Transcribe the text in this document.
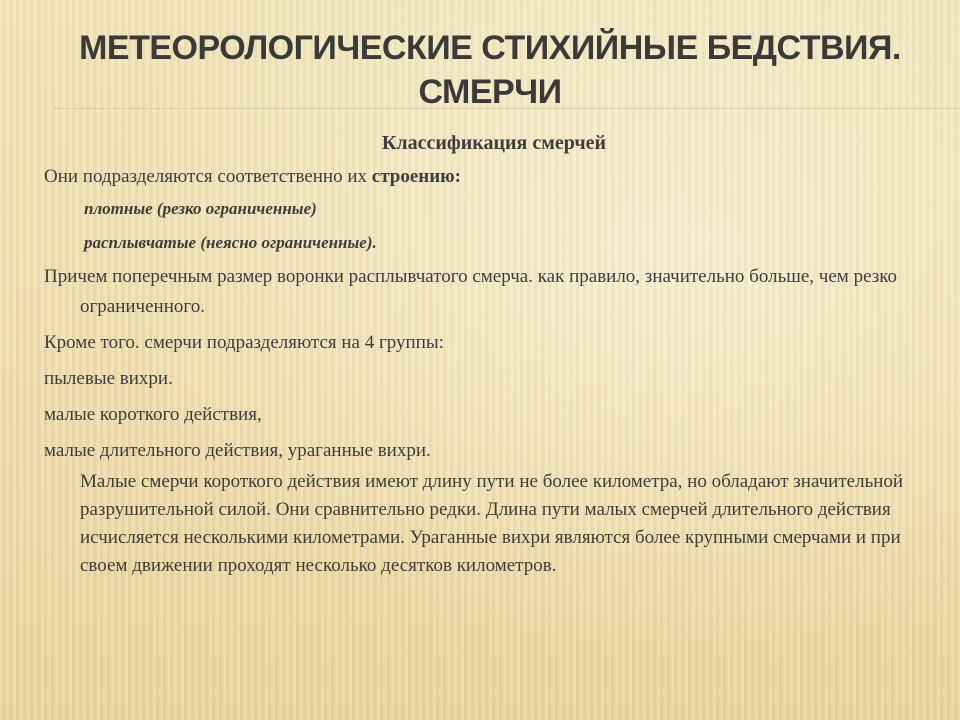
МЕТЕОРОЛОГИЧЕСКИЕ СТИХИЙНЫЕ БЕДСТВИЯ.
СМЕРЧИ

Классификация смерчей

Они подразделяются соответственно их строению:

плотные (резко ограниченные)

расплывчатые (неясно ограниченные).

Причем поперечным размер воронки расплывчатого смерча. как правило, значительно больше, чем резко ограниченного.

Кроме того. смерчи подразделяются на 4 группы:

пылевые вихри.

малые короткого действия,

малые длительного действия, ураганные вихри.

Малые смерчи короткого действия имеют длину пути не более километра, но обладают значительной разрушительной силой. Они сравнительно редки. Длина пути малых смерчей длительного действия исчисляется несколькими километрами. Ураганные вихри являются более крупными смерчами и при своем движении проходят несколько десятков километров.
